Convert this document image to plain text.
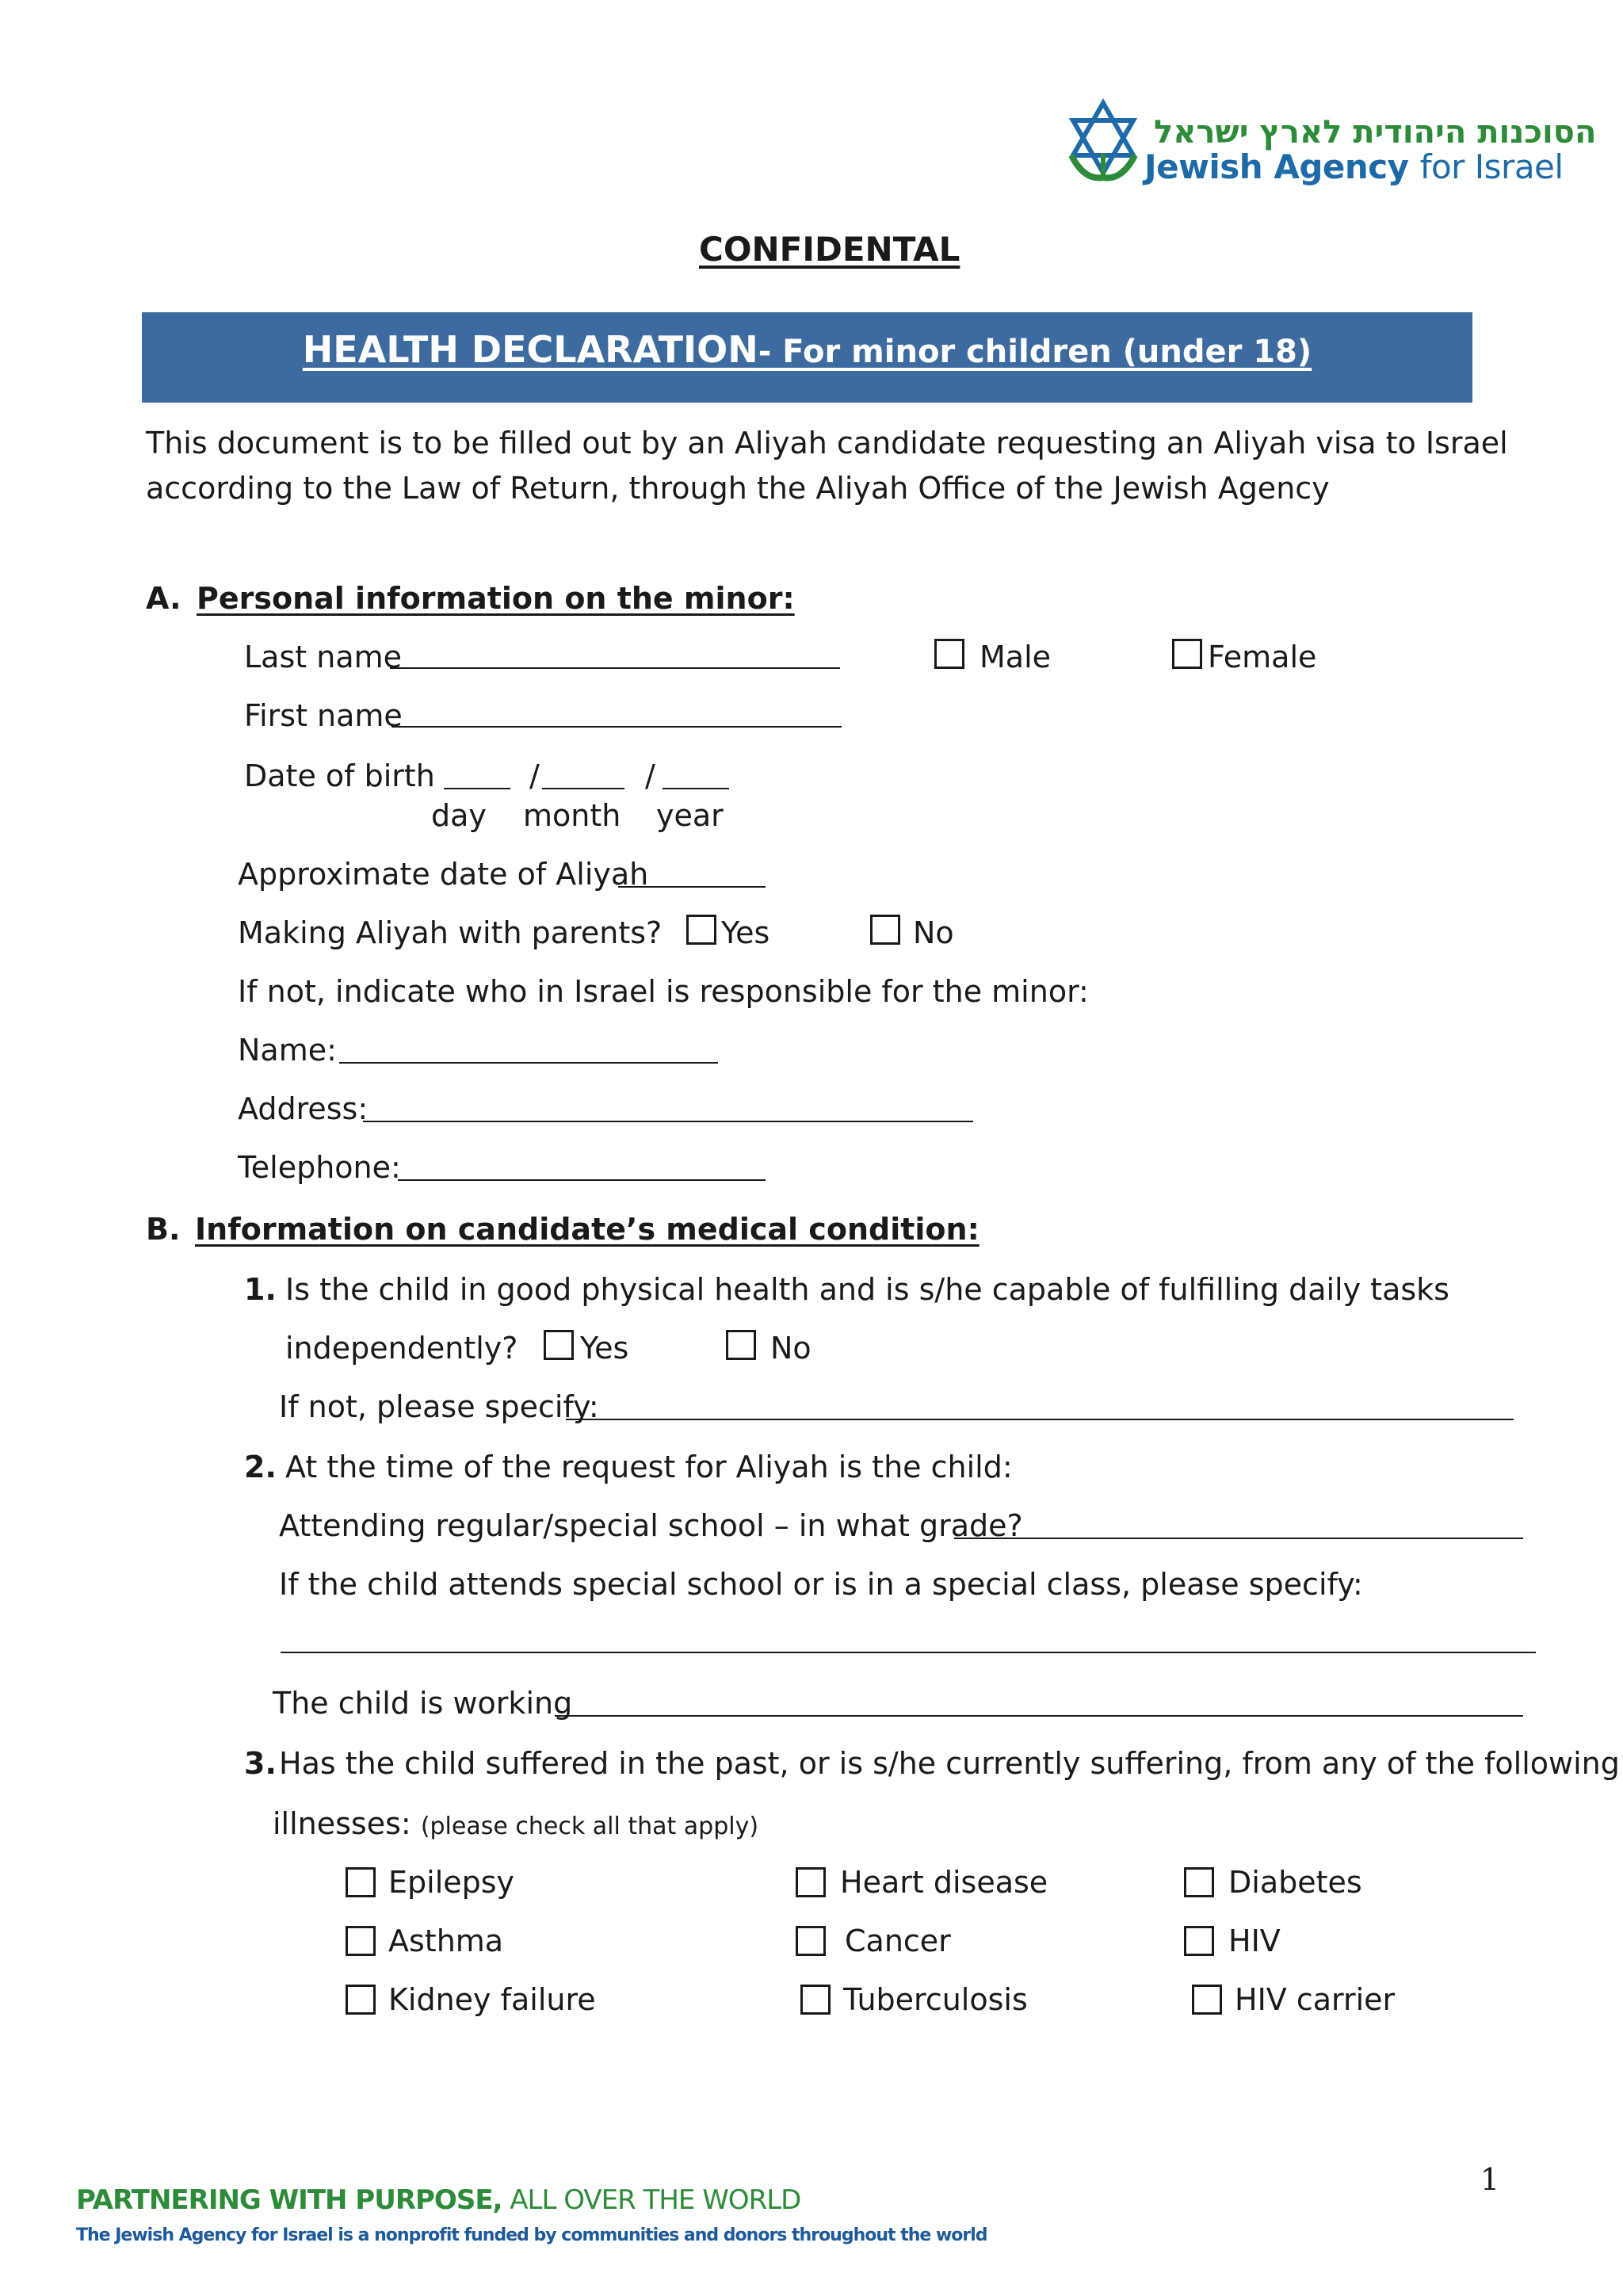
הסוכנות היהודית לארץ ישראל
Jewish Agency for Israel
CONFIDENTAL
HEALTH DECLARATION- For minor children (under 18)
This document is to be filled out by an Aliyah candidate requesting an Aliyah visa to Israel
according to the Law of Return, through the Aliyah Office of the Jewish Agency
A. Personal information on the minor:
Last name	Male	Female
First name
Date of birth	/	/
day month year
Approximate date of Aliyah
Making Aliyah with parents? Yes	No
If not, indicate who in Israel is responsible for the minor:
Name:
Address:
Telephone:
B. Information on candidate’s medical condition:
1. Is the child in good physical health and is s/he capable of fulfilling daily tasks
independently? Yes	No
If not, please specify:
2. At the time of the request for Aliyah is the child:
Attending regular/special school – in what grade?
If the child attends special school or is in a special class, please specify:
The child is working
3. Has the child suffered in the past, or is s/he currently suffering, from any of the following
illnesses: (please check all that apply)
Epilepsy	Heart disease	Diabetes
Asthma	Cancer	HIV
Kidney failure	Tuberculosis	HIV carrier
1
PARTNERING WITH PURPOSE, ALL OVER THE WORLD
The Jewish Agency for Israel is a nonprofit funded by communities and donors throughout the world
